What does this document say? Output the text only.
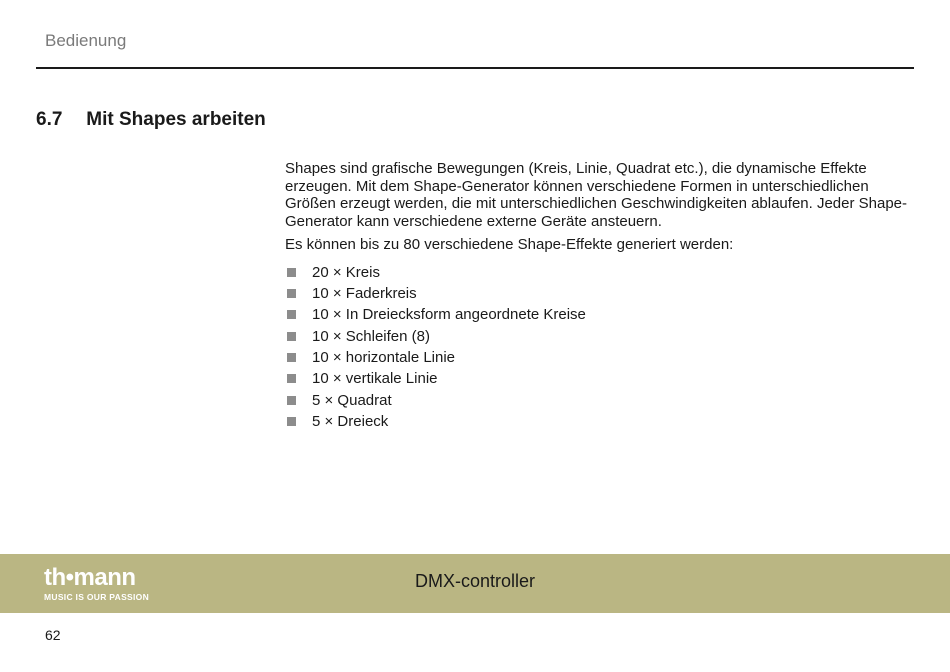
Bedienung
6.7 Mit Shapes arbeiten

Shapes sind grafische Bewegungen (Kreis, Linie, Quadrat etc.), die dynamische Effekte erzeugen. Mit dem Shape-Generator können verschiedene Formen in unterschiedlichen Größen erzeugt werden, die mit unterschiedlichen Geschwindigkeiten ablaufen. Jeder Shape-Generator kann verschiedene externe Geräte ansteuern.

Es können bis zu 80 verschiedene Shape-Effekte generiert werden:

20 × Kreis
10 × Faderkreis
10 × In Dreiecksform angeordnete Kreise
10 × Schleifen (8)
10 × horizontale Linie
10 × vertikale Linie
5 × Quadrat
5 × Dreieck
th•mann
MUSIC IS OUR PASSION
DMX-controller
62
